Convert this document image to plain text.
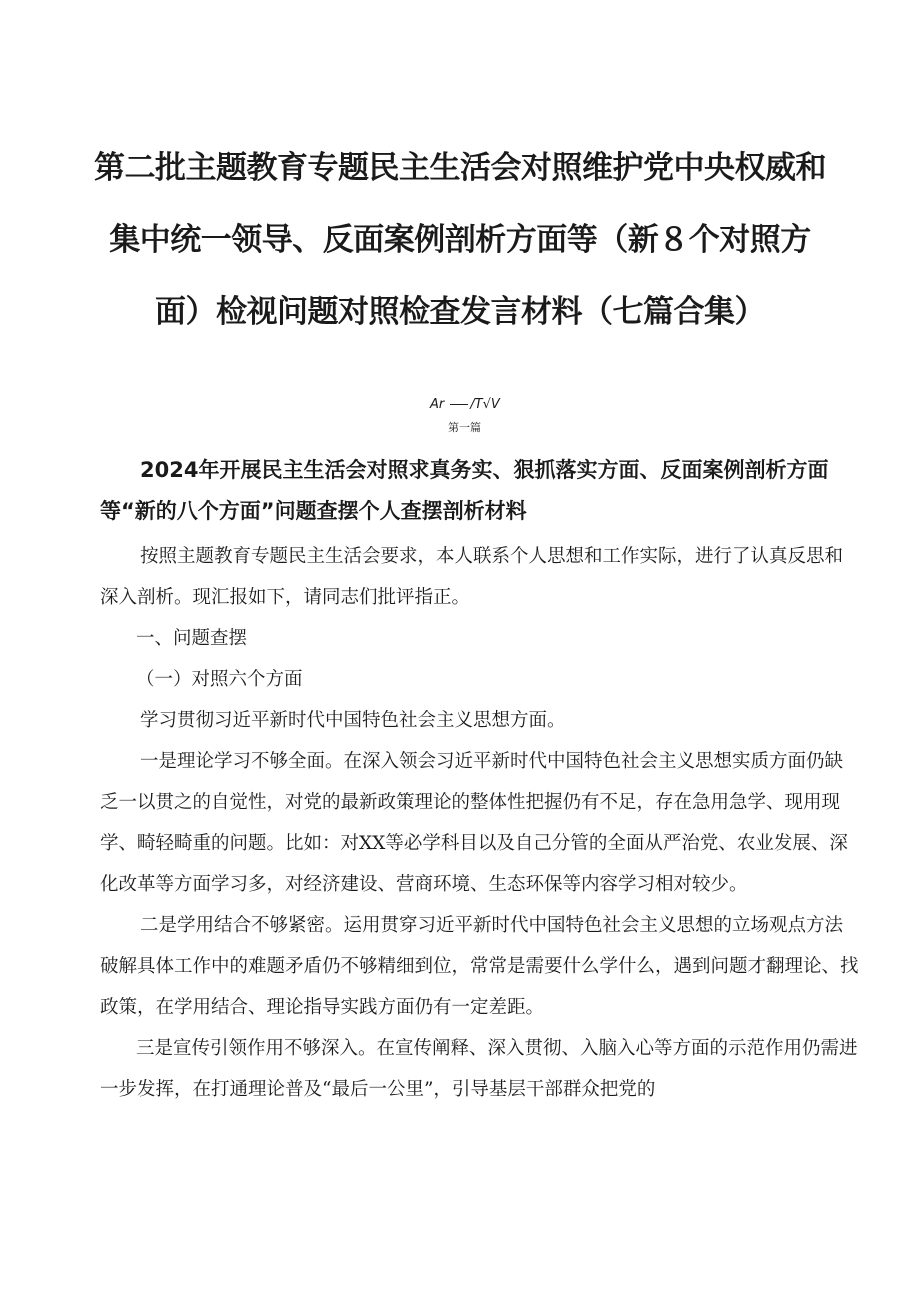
第二批主题教育专题民主生活会对照维护党中央权威和
集中统一领导、反面案例剖析方面等（新８个对照方
面）检视问题对照检查发言材料（七篇合集）
Ar /T√V
第一篇
2024年开展民主生活会对照求真务实、狠抓落实方面、反面案例剖析方面等“新的八个方面”问题查摆个人查摆剖析材料

按照主题教育专题民主生活会要求，本人联系个人思想和工作实际，进行了认真反思和深入剖析。现汇报如下，请同志们批评指正。

一、问题查摆

（一）对照六个方面

学习贯彻习近平新时代中国特色社会主义思想方面。

一是理论学习不够全面。在深入领会习近平新时代中国特色社会主义思想实质方面仍缺乏一以贯之的自觉性，对党的最新政策理论的整体性把握仍有不足，存在急用急学、现用现学、畸轻畸重的问题。比如：对XX等必学科目以及自己分管的全面从严治党、农业发展、深化改革等方面学习多，对经济建设、营商环境、生态环保等内容学习相对较少。

二是学用结合不够紧密。运用贯穿习近平新时代中国特色社会主义思想的立场观点方法破解具体工作中的难题矛盾仍不够精细到位，常常是需要什么学什么，遇到问题才翻理论、找政策，在学用结合、理论指导实践方面仍有一定差距。

三是宣传引领作用不够深入。在宣传阐释、深入贯彻、入脑入心等方面的示范作用仍需进一步发挥，在打通理论普及“最后一公里”，引导基层干部群众把党的
